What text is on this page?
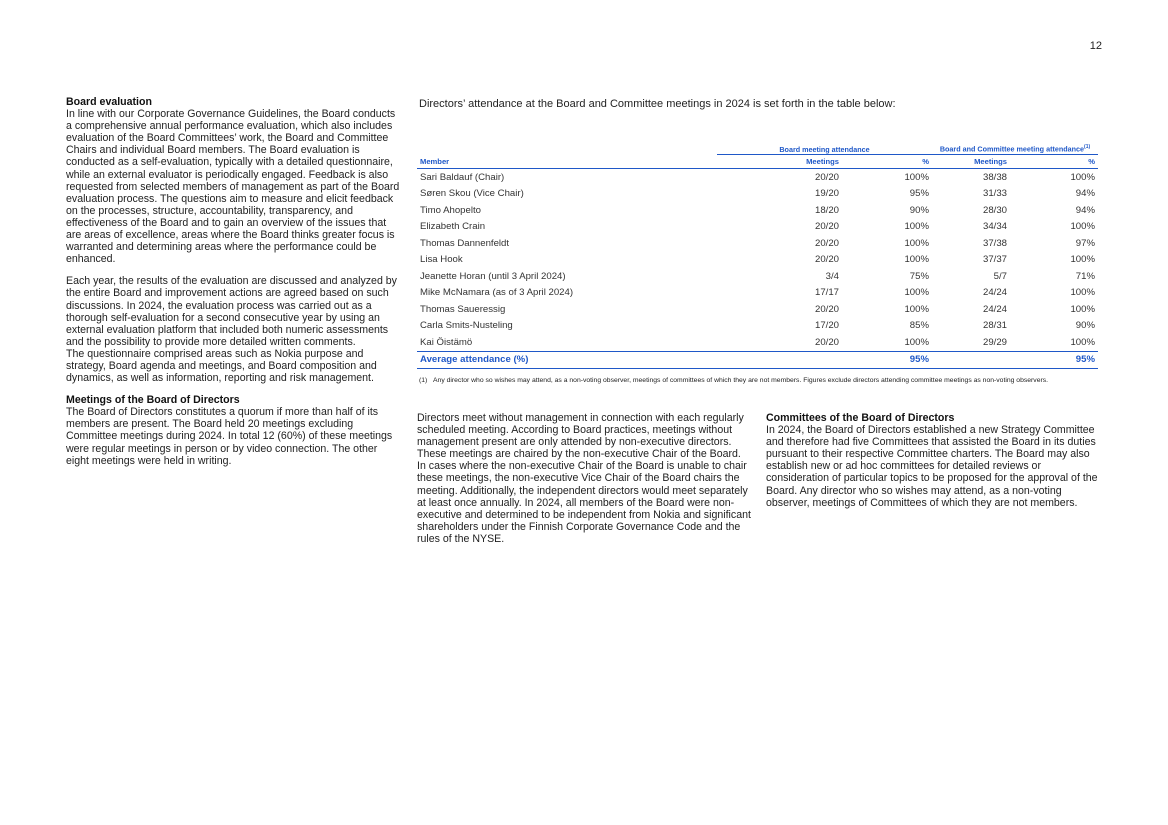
12

Board evaluation

In line with our Corporate Governance Guidelines, the Board conducts a comprehensive annual performance evaluation, which also includes evaluation of the Board Committees’ work, the Board and Committee Chairs and individual Board members. The Board evaluation is conducted as a self-evaluation, typically with a detailed questionnaire, while an external evaluator is periodically engaged. Feedback is also requested from selected members of management as part of the Board evaluation process. The questions aim to measure and elicit feedback on the processes, structure, accountability, transparency, and effectiveness of the Board and to gain an overview of the issues that are areas of excellence, areas where the Board thinks greater focus is warranted and determining areas where the performance could be enhanced.

Each year, the results of the evaluation are discussed and analyzed by the entire Board and improvement actions are agreed based on such discussions. In 2024, the evaluation process was carried out as a thorough self-evaluation for a second consecutive year by using an external evaluation platform that included both numeric assessments and the possibility to provide more detailed written comments.

The questionnaire comprised areas such as Nokia purpose and strategy, Board agenda and meetings, and Board composition and dynamics, as well as information, reporting and risk management.

Meetings of the Board of Directors

The Board of Directors constitutes a quorum if more than half of its members are present. The Board held 20 meetings excluding Committee meetings during 2024. In total 12 (60%) of these meetings were regular meetings in person or by video connection. The other eight meetings were held in writing.

Directors’ attendance at the Board and Committee meetings in 2024 is set forth in the table below:
	Board meeting attendance		Board and Committee meeting attendance$^{(1)}$
Member	Meetings	%	Meetings	%
Sari Baldauf (Chair)	20/20	100%	38/38	100%
Søren Skou (Vice Chair)	19/20	95%	31/33	94%
Timo Ahopelto	18/20	90%	28/30	94%
Elizabeth Crain	20/20	100%	34/34	100%
Thomas Dannenfeldt	20/20	100%	37/38	97%
Lisa Hook	20/20	100%	37/37	100%
Jeanette Horan (until 3 April 2024)	3/4	75%	5/7	71%
Mike McNamara (as of 3 April 2024)	17/17	100%	24/24	100%
Thomas Saueressig	20/20	100%	24/24	100%
Carla Smits-Nusteling	17/20	85%	28/31	90%
Kai Öistämö	20/20	100%	29/29	100%
Average attendance (%)		95%		95%
(1) Any director who so wishes may attend, as a non-voting observer, meetings of committees of which they are not members. Figures exclude directors attending committee meetings as non-voting observers.

Directors meet without management in connection with each regularly scheduled meeting. According to Board practices, meetings without management present are only attended by non-executive directors. These meetings are chaired by the non-executive Chair of the Board. In cases where the non-executive Chair of the Board is unable to chair these meetings, the non-executive Vice Chair of the Board chairs the meeting. Additionally, the independent directors would meet separately at least once annually. In 2024, all members of the Board were non-executive and determined to be independent from Nokia and significant shareholders under the Finnish Corporate Governance Code and the rules of the NYSE.

Committees of the Board of Directors

In 2024, the Board of Directors established a new Strategy Committee and therefore had five Committees that assisted the Board in its duties pursuant to their respective Committee charters. The Board may also establish new or ad hoc committees for detailed reviews or consideration of particular topics to be proposed for the approval of the Board. Any director who so wishes may attend, as a non-voting observer, meetings of Committees of which they are not members.
